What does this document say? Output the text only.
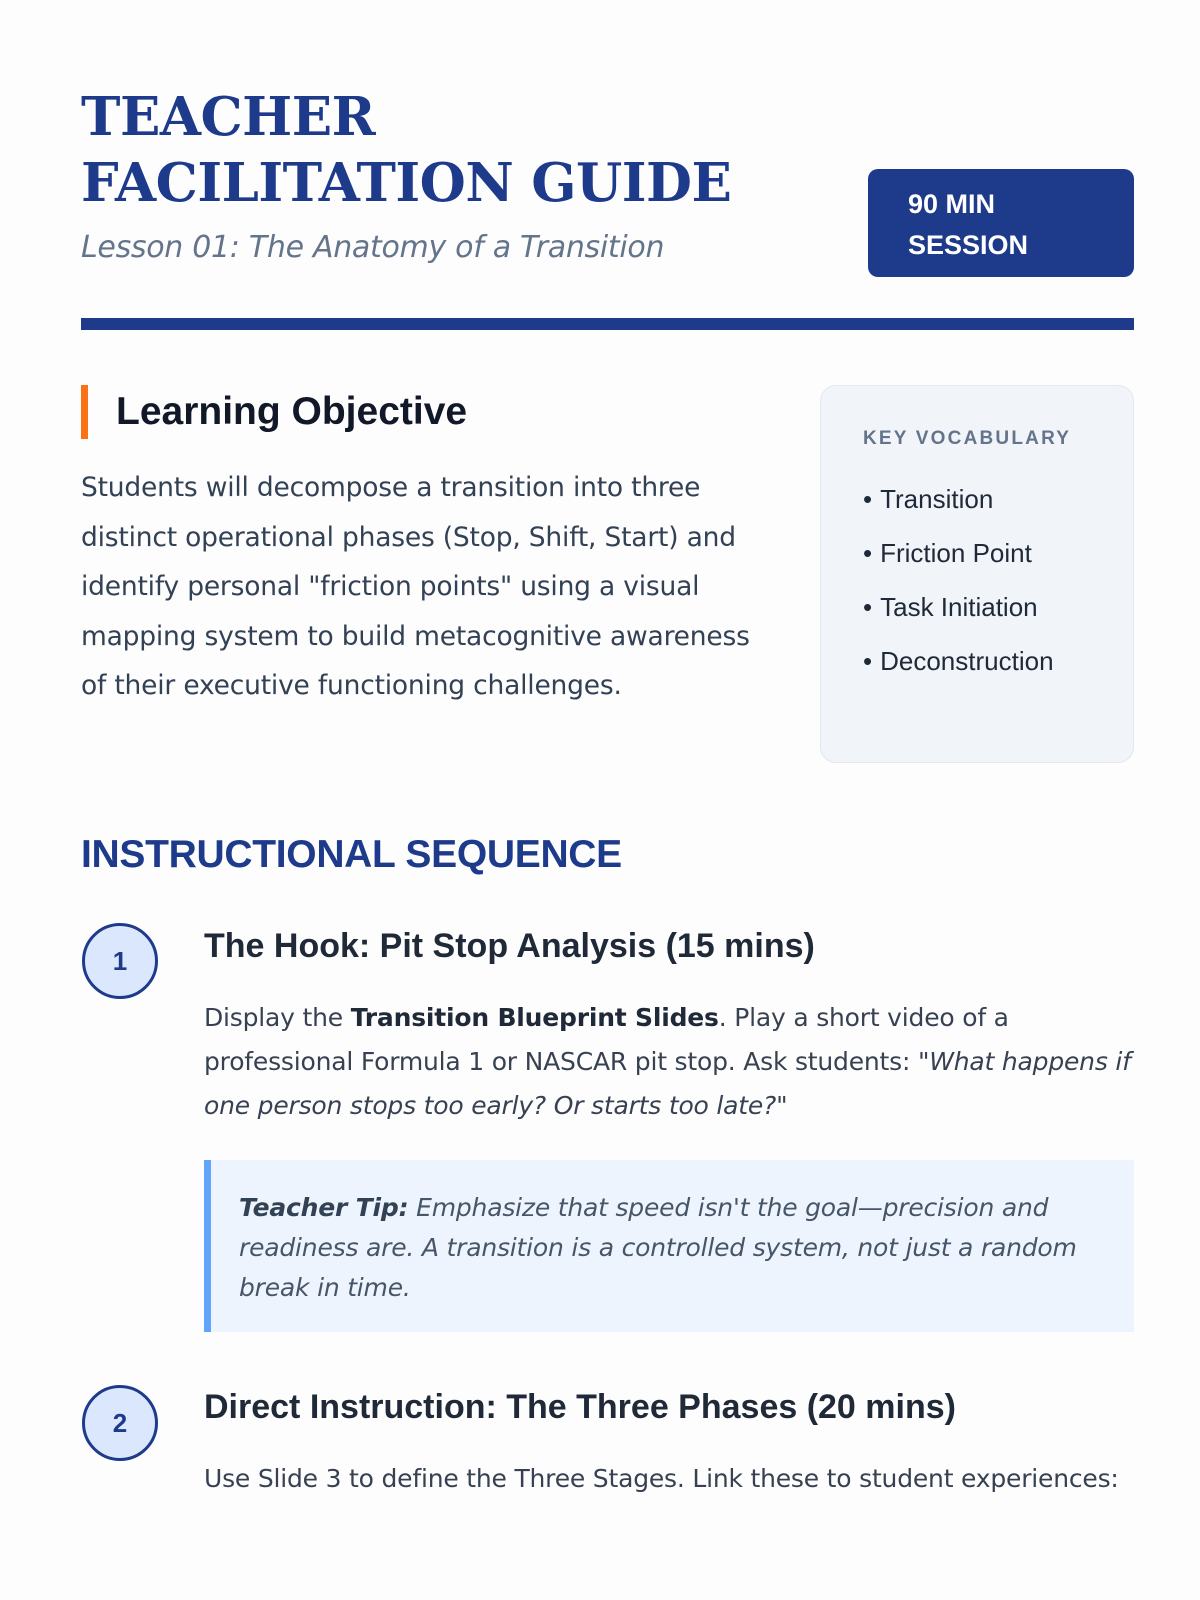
TEACHER FACILITATION GUIDE
Lesson 01: The Anatomy of a Transition
90 MIN SESSION
Learning Objective
Students will decompose a transition into three distinct operational phases (Stop, Shift, Start) and identify personal "friction points" using a visual mapping system to build metacognitive awareness of their executive functioning challenges.
KEY VOCABULARY
• Transition
• Friction Point
• Task Initiation
• Deconstruction
INSTRUCTIONAL SEQUENCE
1	The Hook: Pit Stop Analysis (15 mins)
Display the Transition Blueprint Slides. Play a short video of a professional Formula 1 or NASCAR pit stop. Ask students: "What happens if one person stops too early? Or starts too late?"
Teacher Tip: Emphasize that speed isn't the goal—precision and readiness are. A transition is a controlled system, not just a random break in time.
2	Direct Instruction: The Three Phases (20 mins)
Use Slide 3 to define the Three Stages. Link these to student experiences:
